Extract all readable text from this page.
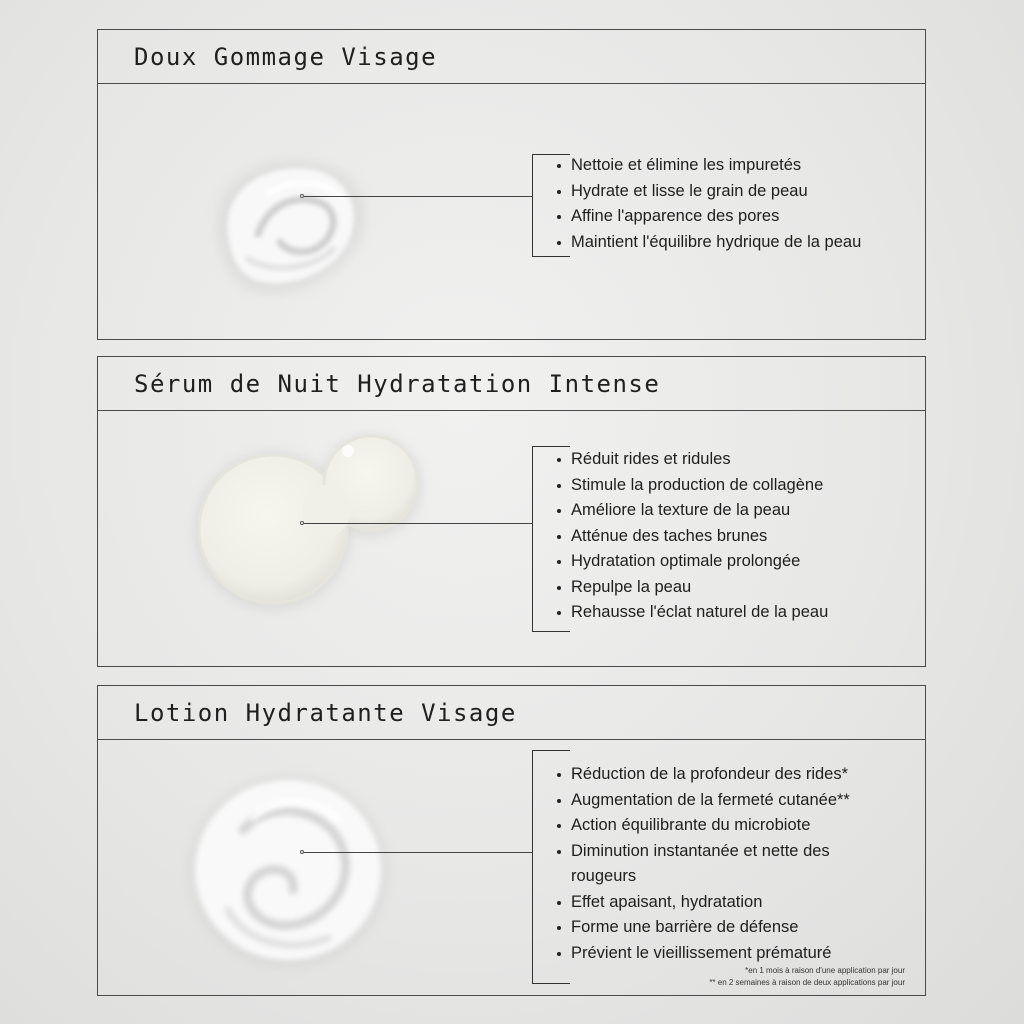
Doux Gommage Visage
Nettoie et élimine les impuretés
Hydrate et lisse le grain de peau
Affine l'apparence des pores
Maintient l'équilibre hydrique de la peau
Sérum de Nuit Hydratation Intense
Réduit rides et ridules
Stimule la production de collagène
Améliore la texture de la peau
Atténue des taches brunes
Hydratation optimale prolongée
Repulpe la peau
Rehausse l'éclat naturel de la peau
Lotion Hydratante Visage
Réduction de la profondeur des rides*
Augmentation de la fermeté cutanée**
Action équilibrante du microbiote
Diminution instantanée et nette des rougeurs
Effet apaisant, hydratation
Forme une barrière de défense
Prévient le vieillissement prématuré
*en 1 mois à raison d'une application par jour
** en 2 semaines à raison de deux applications par jour
